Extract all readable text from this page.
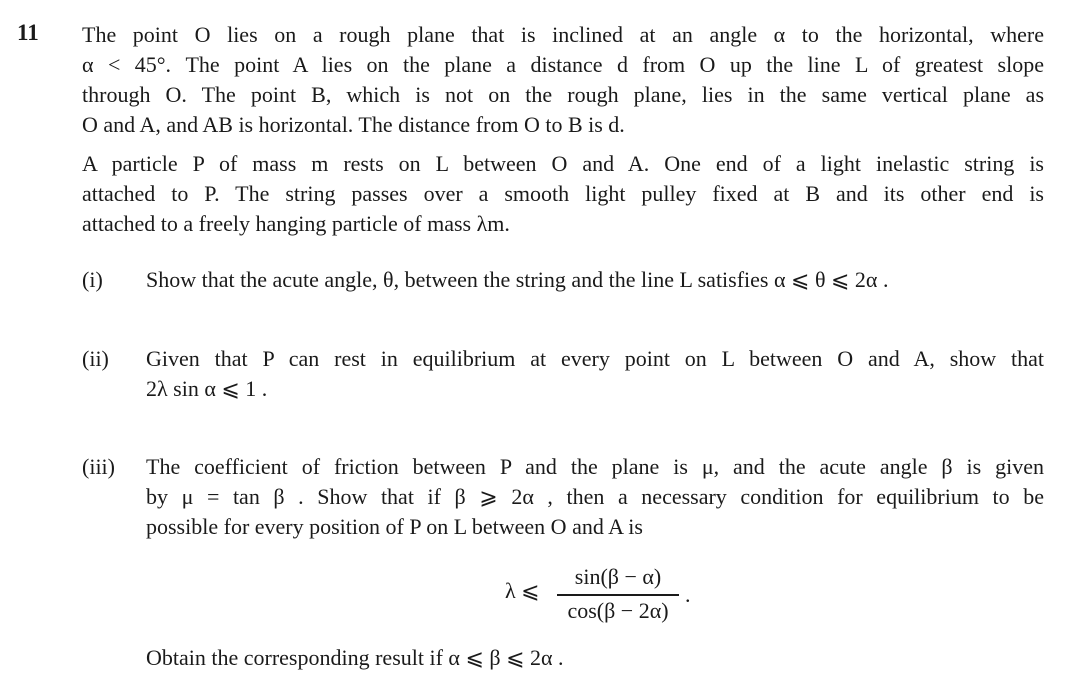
11 The point O lies on a rough plane that is inclined at an angle α to the horizontal, where
α < 45°. The point A lies on the plane a distance d from O up the line L of greatest slope
through O. The point B, which is not on the rough plane, lies in the same vertical plane as
O and A, and AB is horizontal. The distance from O to B is d.
A particle P of mass m rests on L between O and A. One end of a light inelastic string is
attached to P. The string passes over a smooth light pulley fixed at B and its other end is
attached to a freely hanging particle of mass λm.
(i) Show that the acute angle, θ, between the string and the line L satisfies α ⩽ θ ⩽ 2α .
(ii) Given that P can rest in equilibrium at every point on L between O and A, show that
2λ sin α ⩽ 1 .
(iii) The coefficient of friction between P and the plane is μ, and the acute angle β is given
by μ = tan β . Show that if β ⩾ 2α , then a necessary condition for equilibrium to be
possible for every position of P on L between O and A is
λ ⩽
sin(β − α)
cos(β − 2α)
.
Obtain the corresponding result if α ⩽ β ⩽ 2α .
